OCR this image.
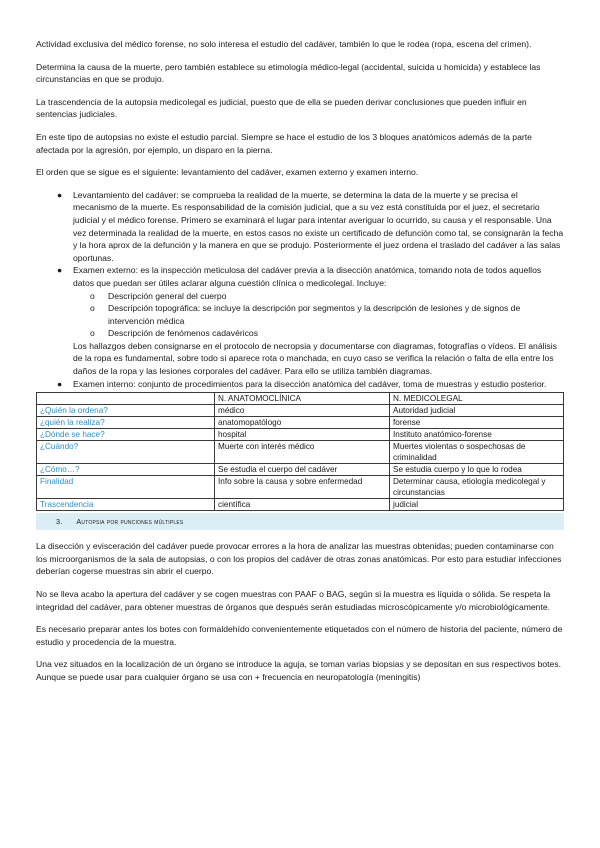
Actividad exclusiva del médico forense, no solo interesa el estudio del cadáver, también lo que le rodea (ropa, escena del crimen).

Determina la causa de la muerte, pero también establece su etimología médico-legal (accidental, suicida u homicida) y establece las circunstancias en que se produjo.

La trascendencia de la autopsia medicolegal es judicial, puesto que de ella se pueden derivar conclusiones que pueden influir en sentencias judiciales.

En este tipo de autopsias no existe el estudio parcial. Siempre se hace el estudio de los 3 bloques anatómicos además de la parte afectada por la agresión, por ejemplo, un disparo en la pierna.

El orden que se sigue es el siguiente: levantamiento del cadáver, examen externo y examen interno.

● Levantamiento del cadáver: se comprueba la realidad de la muerte, se determina la data de la muerte y se precisa el mecanismo de la muerte. Es responsabilidad de la comisión judicial, que a su vez está constituida por el juez, el secretario judicial y el médico forense. Primero se examinará el lugar para intentar averiguar lo ocurrido, su causa y el responsable. Una vez determinada la realidad de la muerte, en estos casos no existe un certificado de defunción como tal, se consignarán la fecha y la hora aprox de la defunción y la manera en que se produjo. Posteriormente el juez ordena el traslado del cadáver a las salas oportunas.
● Examen externo: es la inspección meticulosa del cadáver previa a la disección anatómica, tomando nota de todos aquellos datos que puedan ser útiles aclarar alguna cuestión clínica o medicolegal. Incluye:
o Descripción general del cuerpo
o Descripción topográfica: se incluye la descripción por segmentos y la descripción de lesiones y de signos de intervención médica
o Descripción de fenómenos cadavéricos
Los hallazgos deben consignarse en el protocolo de necropsia y documentarse con diagramas, fotografías o vídeos. El análisis de la ropa es fundamental, sobre todo si aparece rota o manchada, en cuyo caso se verifica la relación o falta de ella entre los daños de la ropa y las lesiones corporales del cadáver. Para ello se utiliza también diagramas.
● Examen interno: conjunto de procedimientos para la disección anatómica del cadáver, toma de muestras y estudio posterior.
	N. ANATOMOCLÍNICA	N. MEDICOLEGAL
¿Quién la ordena?	médico	Autoridad judicial
¿quién la realiza?	anatomopatólogo	forense
¿Dónde se hace?	hospital	Instituto anatómico-forense
¿Cuándo?	Muerte con interés médico	Muertes violentas o sospechosas de criminalidad
¿Cómo…?	Se estudia el cuerpo del cadáver	Se estudia cuerpo y lo que lo rodea
Finalidad	Info sobre la causa y sobre enfermedad	Determinar causa, etiología medicolegal y circunstancias
Trascendencia	científica	judicial
3. Autopsia por punciones múltiples

La disección y evisceración del cadáver puede provocar errores a la hora de analizar las muestras obtenidas; pueden contaminarse con los microorganismos de la sala de autopsias, o con los propios del cadáver de otras zonas anatómicas. Por esto para estudiar infecciones deberían cogerse muestras sin abrir el cuerpo.

No se lleva acabo la apertura del cadáver y se cogen muestras con PAAF o BAG, según si la muestra es líquida o sólida. Se respeta la integridad del cadáver, para obtener muestras de órganos que después serán estudiadas microscópicamente y/o microbiológicamente.

Es necesario preparar antes los botes con formaldehído convenientemente etiquetados con el número de historia del paciente, número de estudio y procedencia de la muestra.

Una vez situados en la localización de un órgano se introduce la aguja, se toman varias biopsias y se depositan en sus respectivos botes. Aunque se puede usar para cualquier órgano se usa con + frecuencia en neuropatología (meningitis)
